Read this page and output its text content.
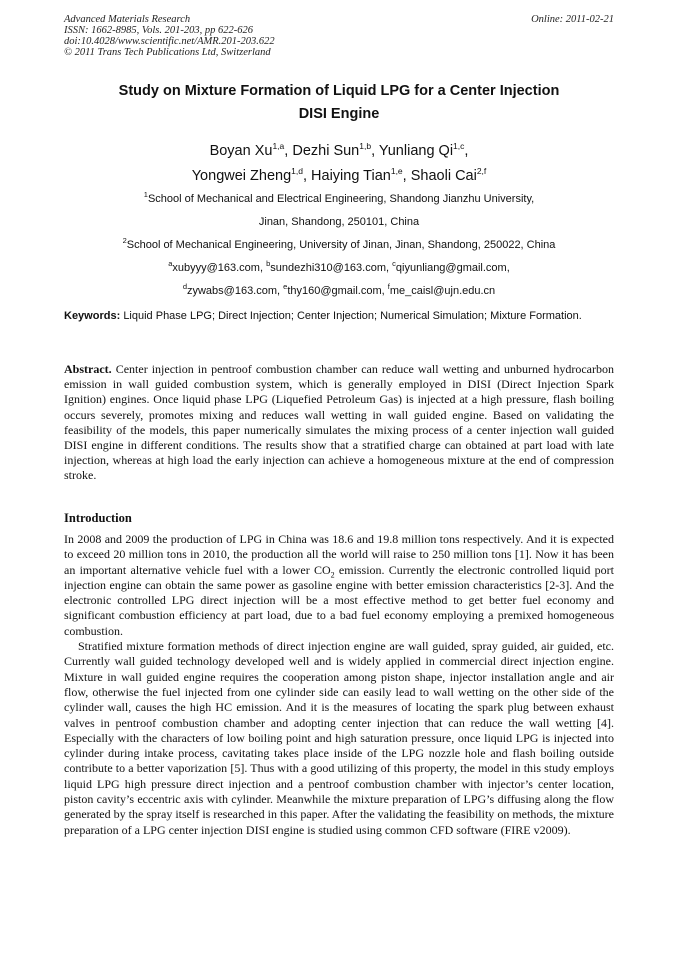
Advanced Materials Research
ISSN: 1662-8985, Vols. 201-203, pp 622-626
doi:10.4028/www.scientific.net/AMR.201-203.622
© 2011 Trans Tech Publications Ltd, Switzerland
Online: 2011-02-21
Study on Mixture Formation of Liquid LPG for a Center Injection
DISI Engine
Boyan Xu$^{1,a}$, Dezhi Sun$^{1,b}$, Yunliang Qi$^{1,c}$,
Yongwei Zheng$^{1,d}$, Haiying Tian$^{1,e}$, Shaoli Cai$^{2,f}$
$^1$School of Mechanical and Electrical Engineering, Shandong Jianzhu University,
Jinan, Shandong, 250101, China
$^2$School of Mechanical Engineering, University of Jinan, Jinan, Shandong, 250022, China
$^a$xubyyy@163.com, $^b$sundezhi310@163.com, $^c$qiyunliang@gmail.com,
$^d$zywabs@163.com, $^e$thy160@gmail.com, $^f$me_caisl@ujn.edu.cn
Keywords: Liquid Phase LPG; Direct Injection; Center Injection; Numerical Simulation; Mixture Formation.
Abstract. Center injection in pentroof combustion chamber can reduce wall wetting and unburned hydrocarbon emission in wall guided combustion system, which is generally employed in DISI (Direct Injection Spark Ignition) engines. Once liquid phase LPG (Liquefied Petroleum Gas) is injected at a high pressure, flash boiling occurs severely, promotes mixing and reduces wall wetting in wall guided engine. Based on validating the feasibility of the models, this paper numerically simulates the mixing process of a center injection wall guided DISI engine in different conditions. The results show that a stratified charge can obtained at part load with late injection, whereas at high load the early injection can achieve a homogeneous mixture at the end of compression stroke.
Introduction

In 2008 and 2009 the production of LPG in China was 18.6 and 19.8 million tons respectively. And it is expected to exceed 20 million tons in 2010, the production all the world will raise to 250 million tons [1]. Now it has been an important alternative vehicle fuel with a lower $CO_2$ emission. Currently the electronic controlled liquid port injection engine can obtain the same power as gasoline engine with better emission characteristics [2-3]. And the electronic controlled LPG direct injection will be a most effective method to get better fuel economy and significant combustion efficiency at part load, due to a bad fuel economy employing a premixed homogeneous combustion.

Stratified mixture formation methods of direct injection engine are wall guided, spray guided, air guided, etc. Currently wall guided technology developed well and is widely applied in commercial direct injection engine. Mixture in wall guided engine requires the cooperation among piston shape, injector installation angle and air flow, otherwise the fuel injected from one cylinder side can easily lead to wall wetting on the other side of the cylinder wall, causes the high HC emission. And it is the measures of locating the spark plug between exhaust valves in pentroof combustion chamber and adopting center injection that can reduce the wall wetting [4]. Especially with the characters of low boiling point and high saturation pressure, once liquid LPG is injected into cylinder during intake process, cavitating takes place inside of the LPG nozzle hole and flash boiling outside contribute to a better vaporization [5]. Thus with a good utilizing of this property, the model in this study employs liquid LPG high pressure direct injection and a pentroof combustion chamber with injector’s center location, piston cavity’s eccentric axis with cylinder. Meanwhile the mixture preparation of LPG’s diffusing along the flow generated by the spray itself is researched in this paper. After the validating the feasibility on methods, the mixture preparation of a LPG center injection DISI engine is studied using common CFD software (FIRE v2009).
